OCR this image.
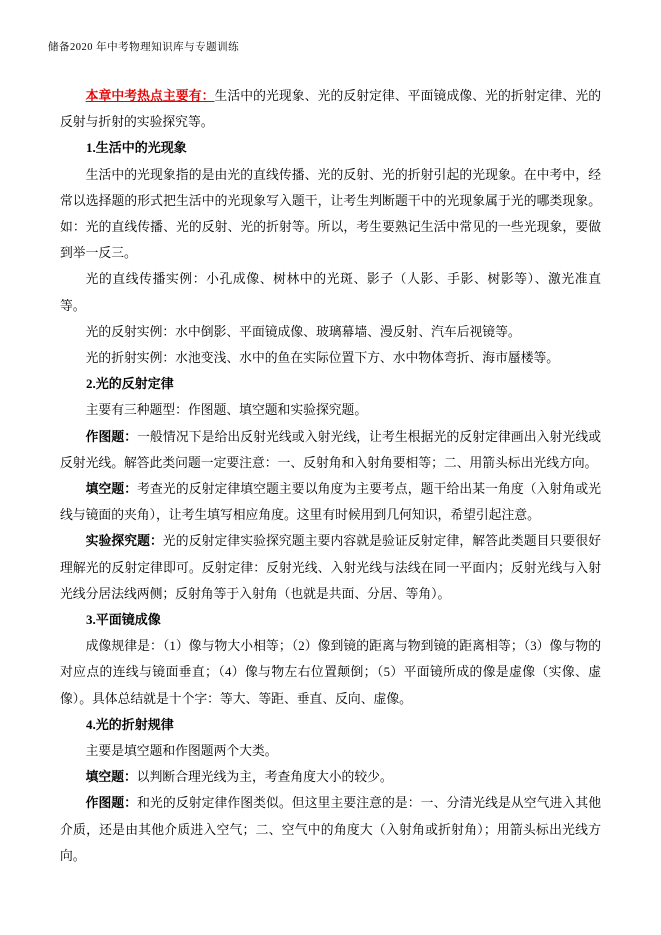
储备2020 年中考物理知识库与专题训练

本章中考热点主要有：生活中的光现象、光的反射定律、平面镜成像、光的折射定律、光的反射与折射的实验探究等。

1.生活中的光现象

生活中的光现象指的是由光的直线传播、光的反射、光的折射引起的光现象。在中考中，经常以选择题的形式把生活中的光现象写入题干，让考生判断题干中的光现象属于光的哪类现象。如：光的直线传播、光的反射、光的折射等。所以，考生要熟记生活中常见的一些光现象，要做到举一反三。

光的直线传播实例：小孔成像、树林中的光斑、影子（人影、手影、树影等）、激光准直等。

光的反射实例：水中倒影、平面镜成像、玻璃幕墙、漫反射、汽车后视镜等。

光的折射实例：水池变浅、水中的鱼在实际位置下方、水中物体弯折、海市蜃楼等。

2.光的反射定律

主要有三种题型：作图题、填空题和实验探究题。

作图题：一般情况下是给出反射光线或入射光线，让考生根据光的反射定律画出入射光线或反射光线。解答此类问题一定要注意：一、反射角和入射角要相等；二、用箭头标出光线方向。

填空题：考查光的反射定律填空题主要以角度为主要考点，题干给出某一角度（入射角或光线与镜面的夹角），让考生填写相应角度。这里有时候用到几何知识，希望引起注意。

实验探究题：光的反射定律实验探究题主要内容就是验证反射定律，解答此类题目只要很好理解光的反射定律即可。反射定律：反射光线、入射光线与法线在同一平面内；反射光线与入射光线分居法线两侧；反射角等于入射角（也就是共面、分居、等角）。

3.平面镜成像

成像规律是：（1）像与物大小相等；（2）像到镜的距离与物到镜的距离相等；（3）像与物的对应点的连线与镜面垂直；（4）像与物左右位置颠倒；（5）平面镜所成的像是虚像（实像、虚像）。具体总结就是十个字：等大、等距、垂直、反向、虚像。

4.光的折射规律

主要是填空题和作图题两个大类。

填空题：以判断合理光线为主，考查角度大小的较少。

作图题：和光的反射定律作图类似。但这里主要注意的是：一、分清光线是从空气进入其他介质，还是由其他介质进入空气；二、空气中的角度大（入射角或折射角）；用箭头标出光线方向。
